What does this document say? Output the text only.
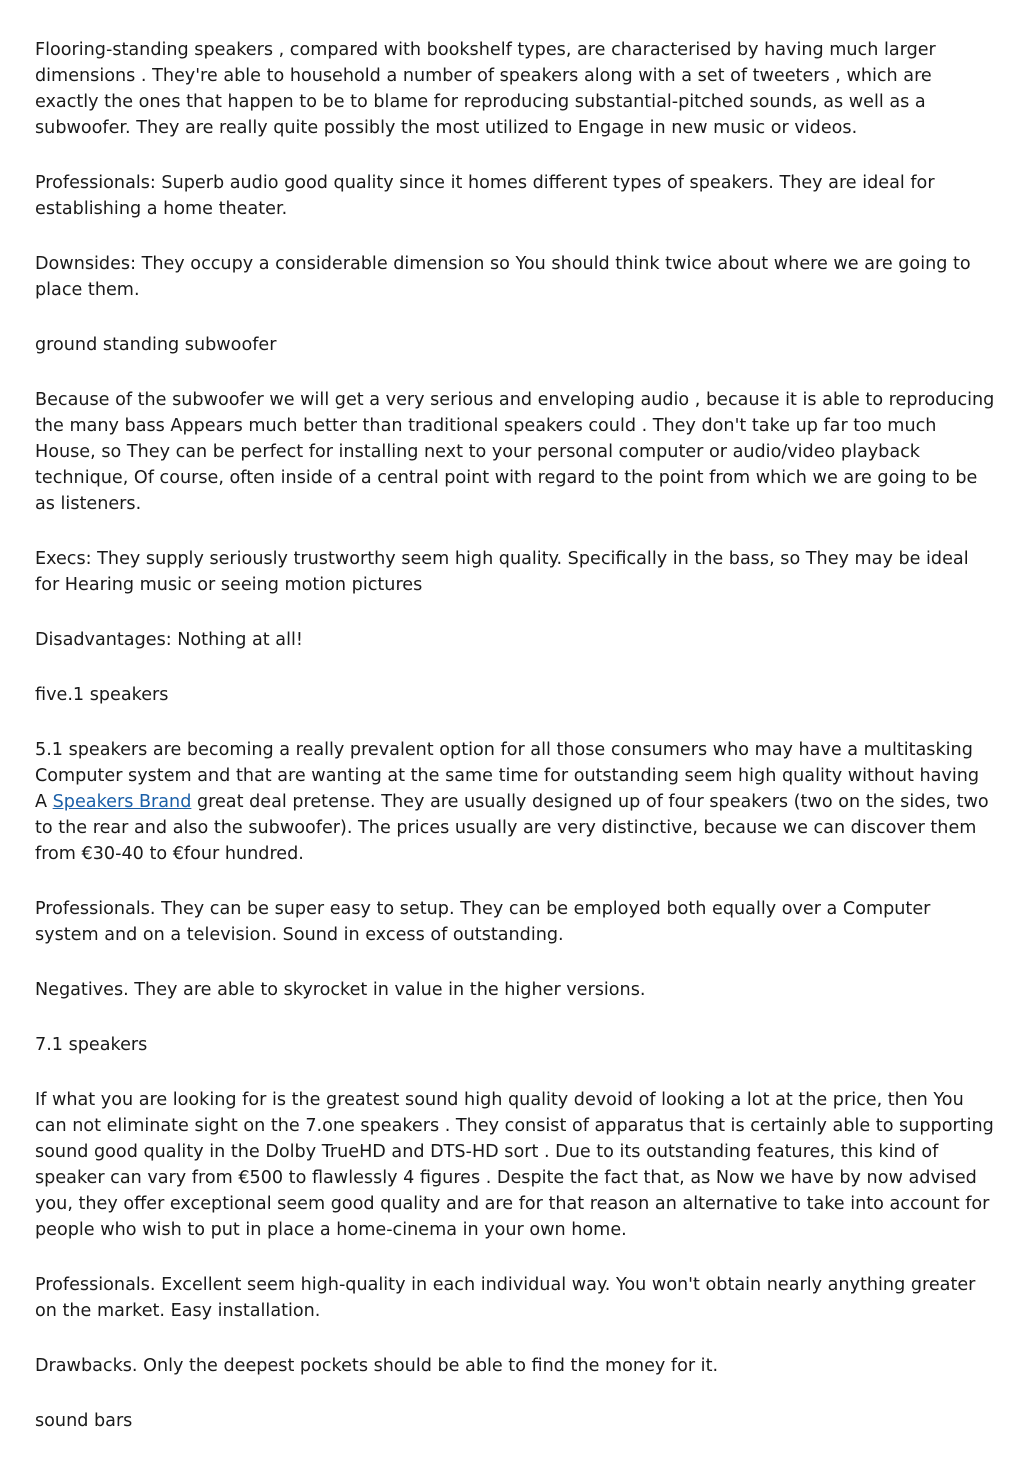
Flooring-standing speakers , compared with bookshelf types, are characterised by having much larger dimensions . They're able to household a number of speakers along with a set of tweeters , which are exactly the ones that happen to be to blame for reproducing substantial-pitched sounds, as well as a subwoofer. They are really quite possibly the most utilized to Engage in new music or videos.

Professionals: Superb audio good quality since it homes different types of speakers. They are ideal for establishing a home theater.

Downsides: They occupy a considerable dimension so You should think twice about where we are going to place them.

ground standing subwoofer

Because of the subwoofer we will get a very serious and enveloping audio , because it is able to reproducing the many bass Appears much better than traditional speakers could . They don't take up far too much House, so They can be perfect for installing next to your personal computer or audio/video playback technique, Of course, often inside of a central point with regard to the point from which we are going to be as listeners.

Execs: They supply seriously trustworthy seem high quality. Specifically in the bass, so They may be ideal for Hearing music or seeing motion pictures

Disadvantages: Nothing at all!

five.1 speakers

5.1 speakers are becoming a really prevalent option for all those consumers who may have a multitasking Computer system and that are wanting at the same time for outstanding seem high quality without having A Speakers Brand great deal pretense. They are usually designed up of four speakers (two on the sides, two to the rear and also the subwoofer). The prices usually are very distinctive, because we can discover them from €30-40 to €four hundred.

Professionals. They can be super easy to setup. They can be employed both equally over a Computer system and on a television. Sound in excess of outstanding.

Negatives. They are able to skyrocket in value in the higher versions.

7.1 speakers

If what you are looking for is the greatest sound high quality devoid of looking a lot at the price, then You can not eliminate sight on the 7.one speakers . They consist of apparatus that is certainly able to supporting sound good quality in the Dolby TrueHD and DTS-HD sort . Due to its outstanding features, this kind of speaker can vary from €500 to flawlessly 4 figures . Despite the fact that, as Now we have by now advised you, they offer exceptional seem good quality and are for that reason an alternative to take into account for people who wish to put in place a home-cinema in your own home.

Professionals. Excellent seem high-quality in each individual way. You won't obtain nearly anything greater on the market. Easy installation.

Drawbacks. Only the deepest pockets should be able to find the money for it.

sound bars
